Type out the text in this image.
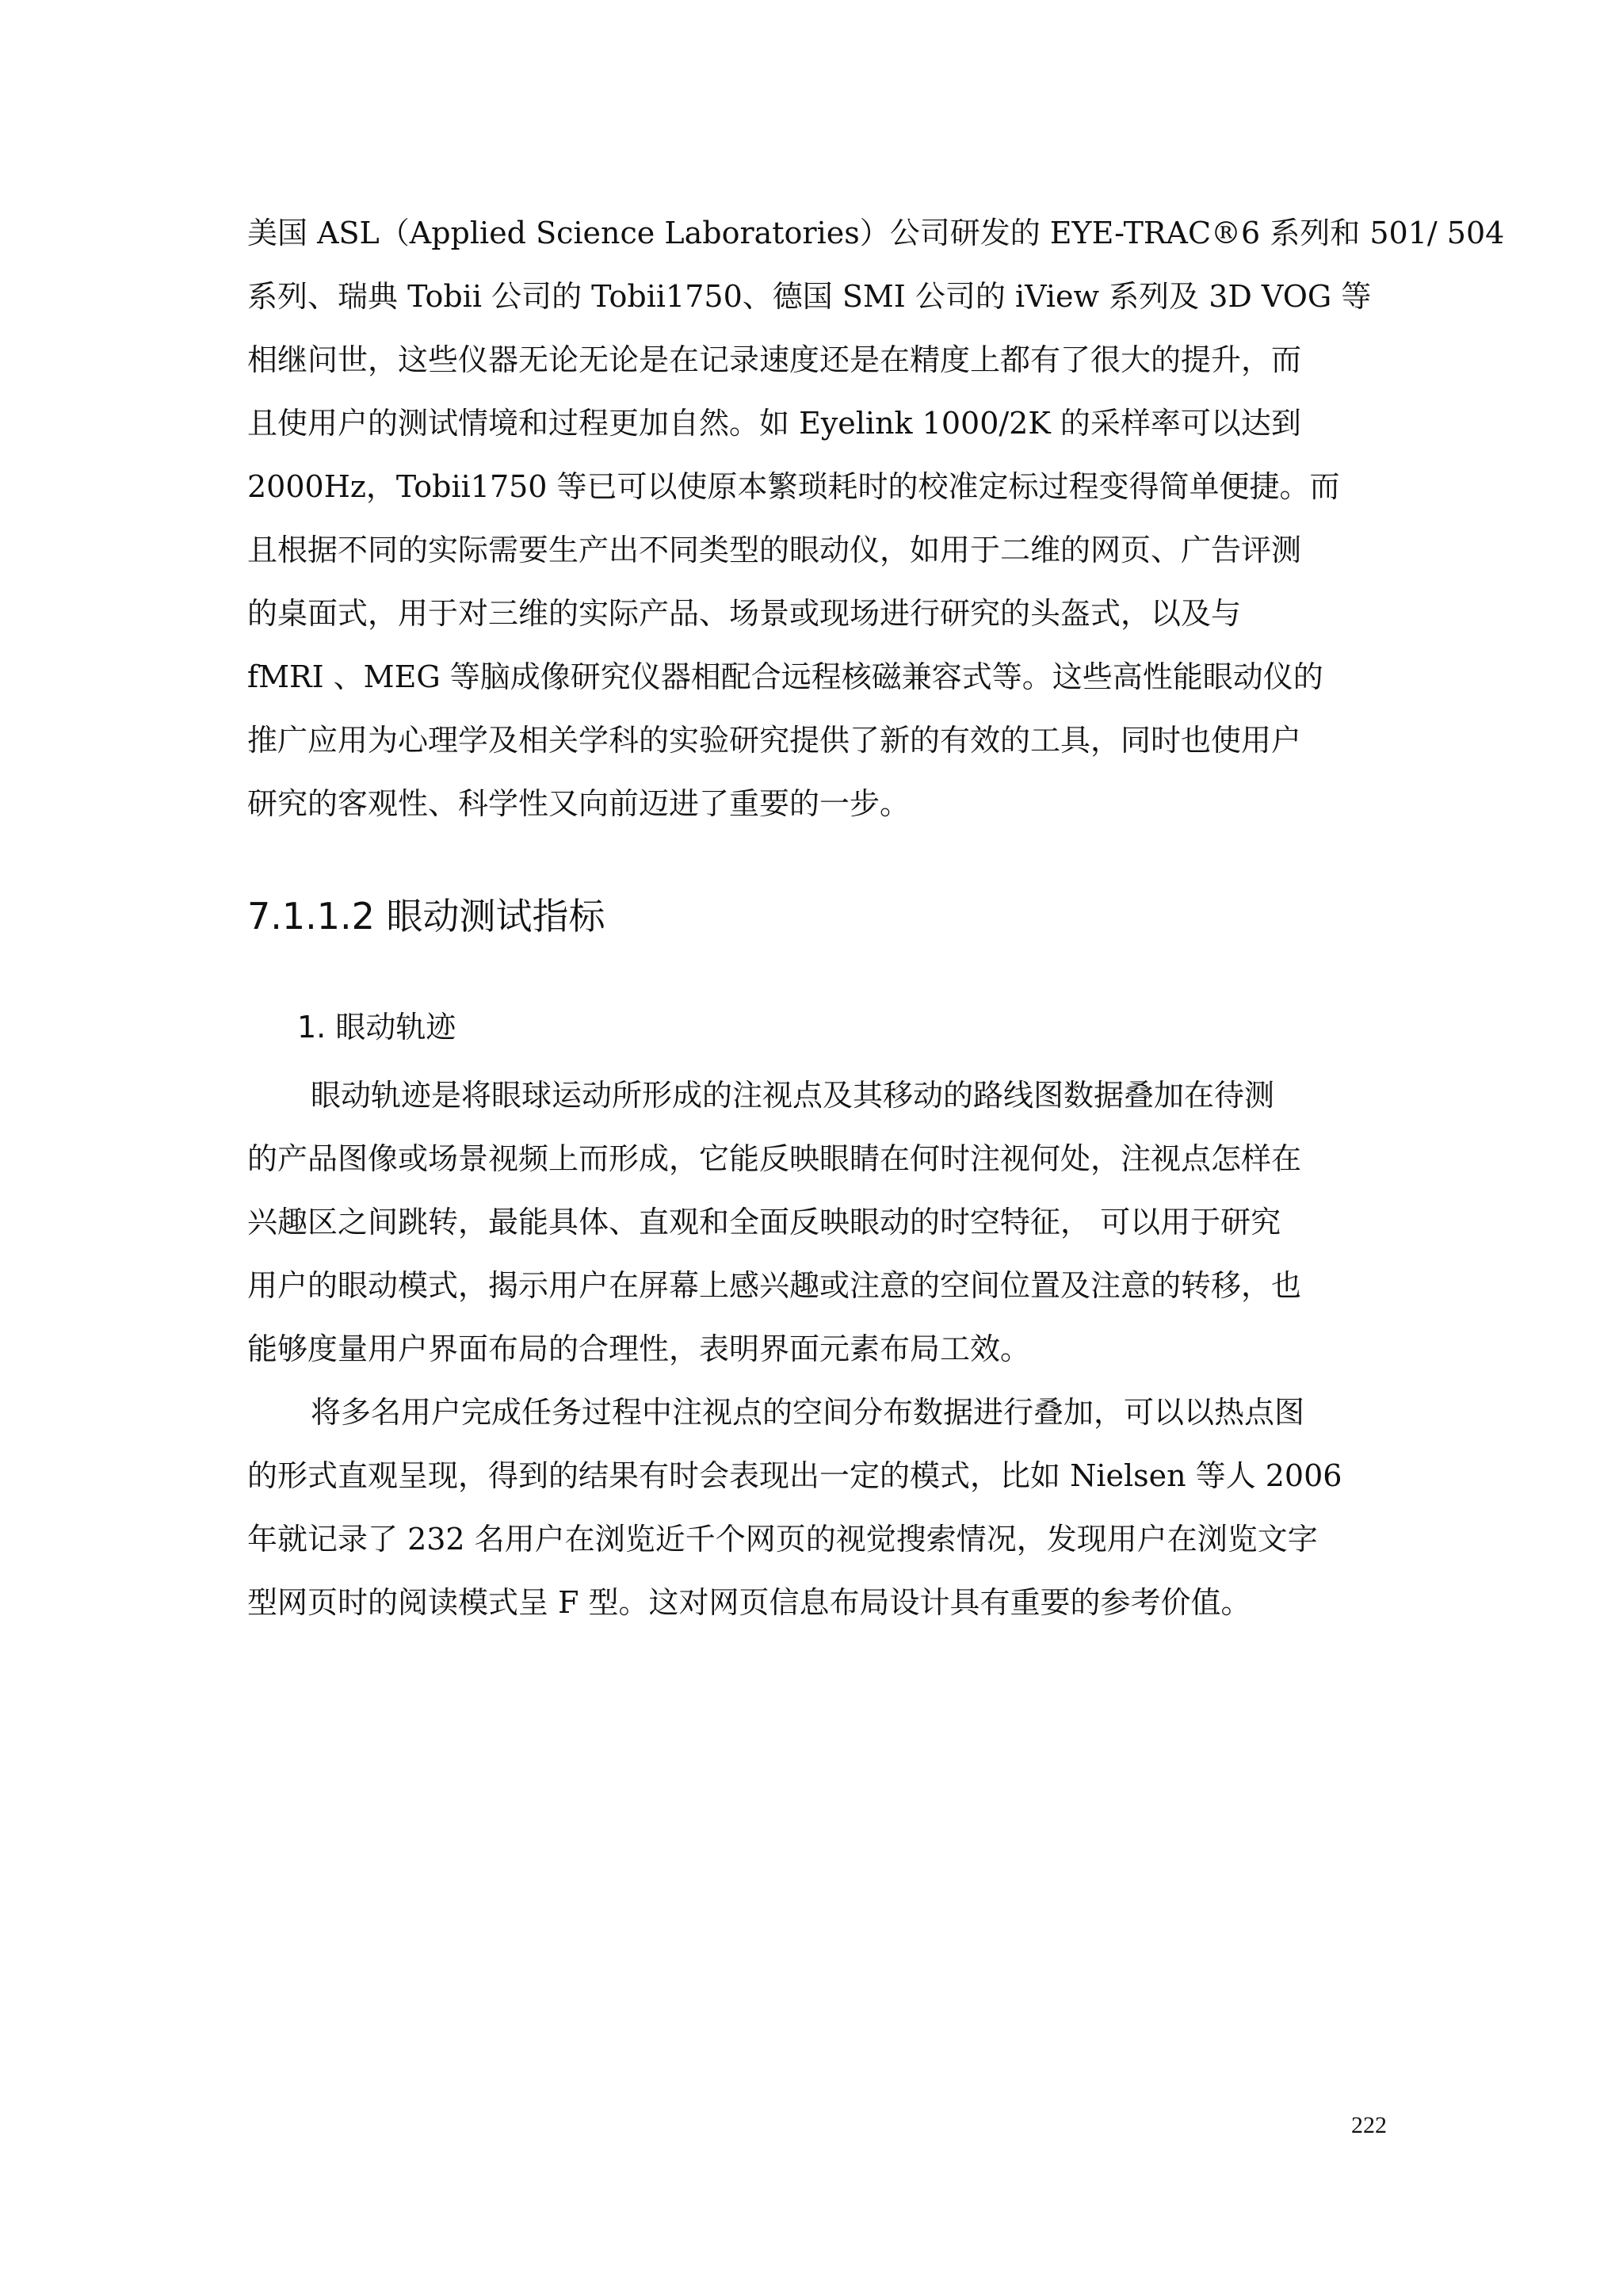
美国 ASL（Applied Science Laboratories）公司研发的 EYE-TRAC®6 系列和 501/ 504
系列、瑞典 Tobii 公司的 Tobii1750、德国 SMI 公司的 iView 系列及 3D VOG 等
相继问世，这些仪器无论无论是在记录速度还是在精度上都有了很大的提升，而
且使用户的测试情境和过程更加自然。如 Eyelink 1000/2K 的采样率可以达到
2000Hz，Tobii1750 等已可以使原本繁琐耗时的校准定标过程变得简单便捷。而
且根据不同的实际需要生产出不同类型的眼动仪，如用于二维的网页、广告评测
的桌面式，用于对三维的实际产品、场景或现场进行研究的头盔式，以及与
fMRI 、MEG 等脑成像研究仪器相配合远程核磁兼容式等。这些高性能眼动仪的
推广应用为心理学及相关学科的实验研究提供了新的有效的工具，同时也使用户
研究的客观性、科学性又向前迈进了重要的一步。
7.1.1.2 眼动测试指标
1. 眼动轨迹
眼动轨迹是将眼球运动所形成的注视点及其移动的路线图数据叠加在待测
的产品图像或场景视频上而形成，它能反映眼睛在何时注视何处，注视点怎样在
兴趣区之间跳转，最能具体、直观和全面反映眼动的时空特征， 可以用于研究
用户的眼动模式，揭示用户在屏幕上感兴趣或注意的空间位置及注意的转移，也
能够度量用户界面布局的合理性，表明界面元素布局工效。
将多名用户完成任务过程中注视点的空间分布数据进行叠加，可以以热点图
的形式直观呈现，得到的结果有时会表现出一定的模式，比如 Nielsen 等人 2006
年就记录了 232 名用户在浏览近千个网页的视觉搜索情况，发现用户在浏览文字
型网页时的阅读模式呈 F 型。这对网页信息布局设计具有重要的参考价值。
222
